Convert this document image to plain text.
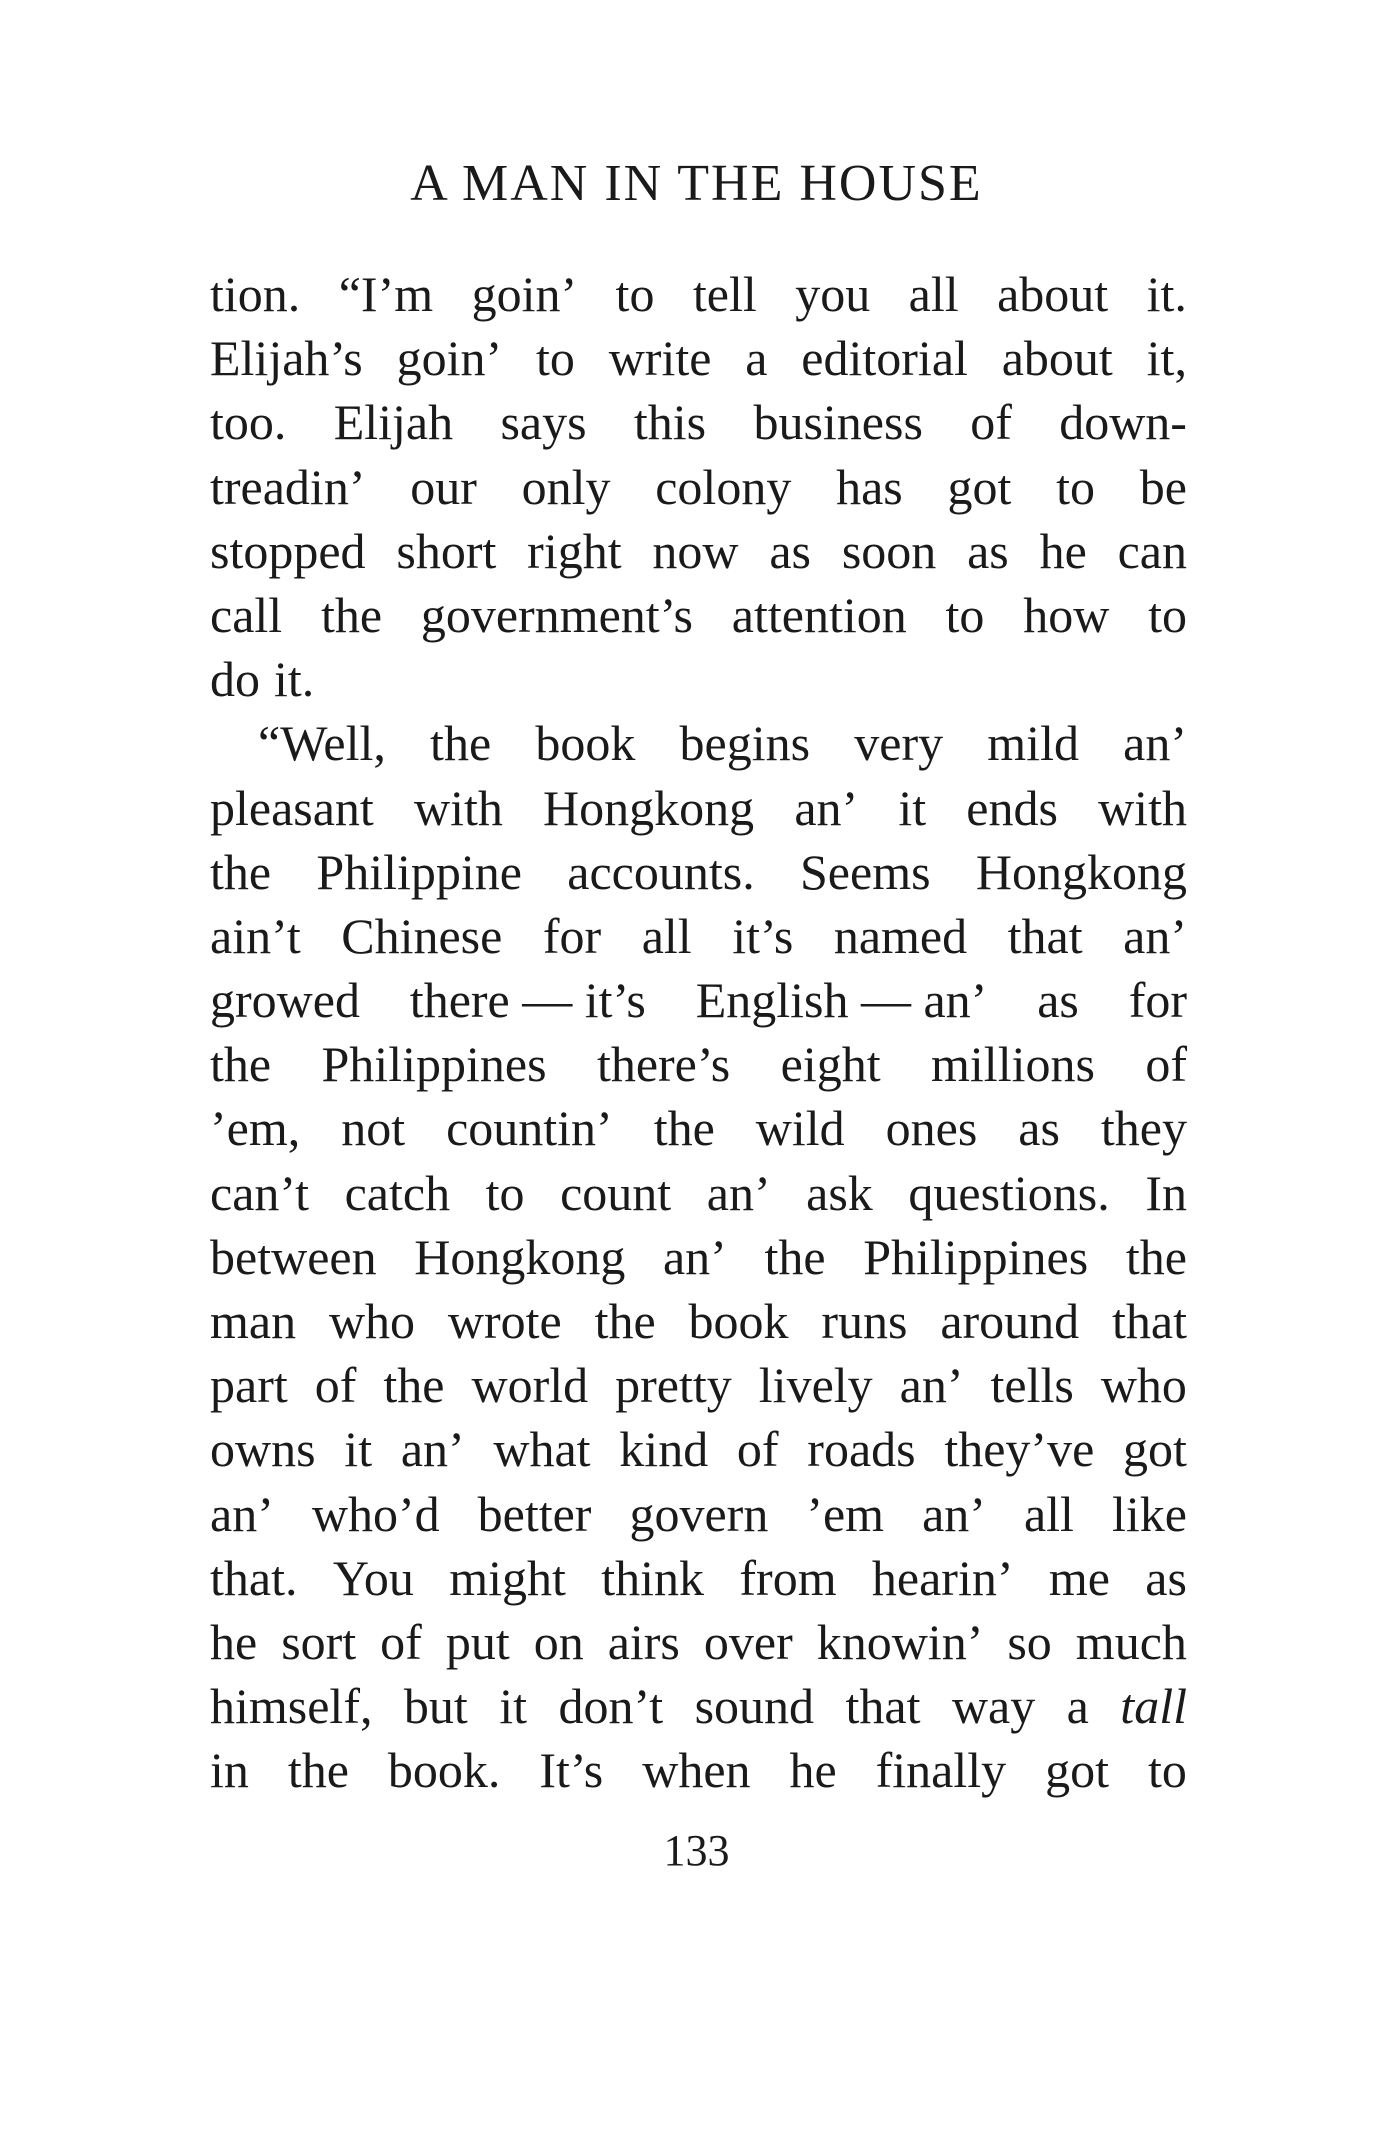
A MAN IN THE HOUSE
tion. “I’m goin’ to tell you all about it.
Elijah’s goin’ to write a editorial about it,
too. Elijah says this business of down-
treadin’ our only colony has got to be
stopped short right now as soon as he can
call the government’s attention to how to
do it.
“Well, the book begins very mild an’
pleasant with Hongkong an’ it ends with
the Philippine accounts. Seems Hongkong
ain’t Chinese for all it’s named that an’
growed there — it’s English — an’ as for
the Philippines there’s eight millions of
’em, not countin’ the wild ones as they
can’t catch to count an’ ask questions. In
between Hongkong an’ the Philippines the
man who wrote the book runs around that
part of the world pretty lively an’ tells who
owns it an’ what kind of roads they’ve got
an’ who’d better govern ’em an’ all like
that. You might think from hearin’ me as
he sort of put on airs over knowin’ so much
himself, but it don’t sound that way a tall
in the book. It’s when he finally got to
133
